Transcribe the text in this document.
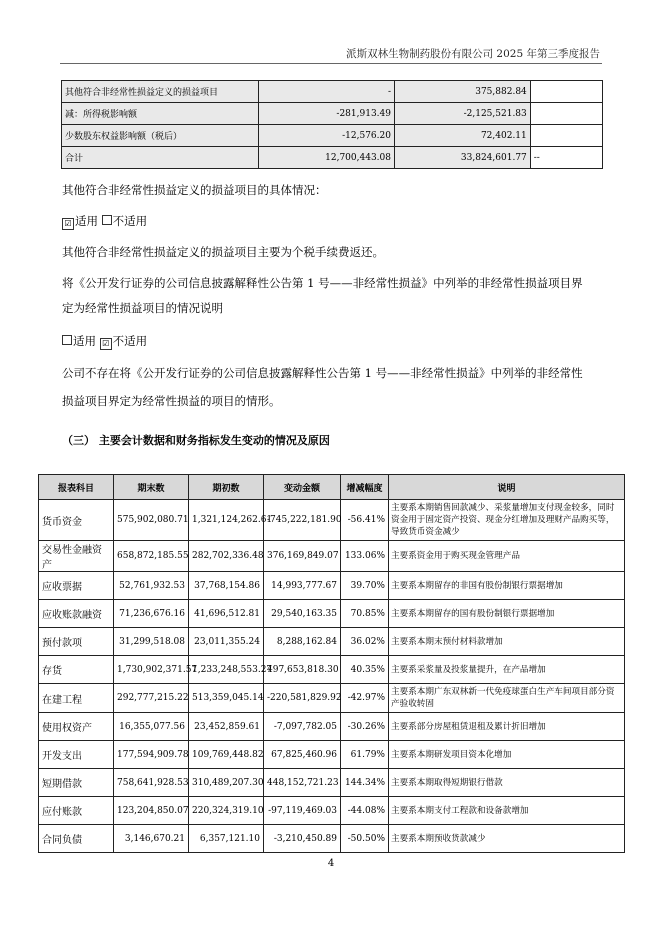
派斯双林生物制药股份有限公司 2025 年第三季度报告
其他符合非经常性损益定义的损益项目	-	375,882.84	
减：所得税影响额	-281,913.49	-2,125,521.83	
少数股东权益影响额（税后）	-12,576.20	72,402.11	
合计	12,700,443.08	33,824,601.77	--
其他符合非经常性损益定义的损益项目的具体情况：
☑ 适用 不适用
其他符合非经常性损益定义的损益项目主要为个税手续费返还。
将《公开发行证券的公司信息披露解释性公告第 1 号——非经常性损益》中列举的非经常性损益项目界
定为经常性损益项目的情况说明
适用 ☑ 不适用
公司不存在将《公开发行证券的公司信息披露解释性公告第 1 号——非经常性损益》中列举的非经常性
损益项目界定为经常性损益的项目的情形。
（三） 主要会计数据和财务指标发生变动的情况及原因
报表科目	期末数	期初数	变动金额	增减幅度	说明
货币资金	575,902,080.71	1,321,124,262.61	-745,222,181.90	-56.41%	主要系本期销售回款减少、采浆量增加支付现金较多，同时资金用于固定资产投资、现金分红增加及理财产品购买等，导致货币资金减少
交易性金融资产	658,872,185.55	282,702,336.48	376,169,849.07	133.06%	主要系资金用于购买现金管理产品
应收票据	52,761,932.53	37,768,154.86	14,993,777.67	39.70%	主要系本期留存的非国有股份制银行票据增加
应收账款融资	71,236,676.16	41,696,512.81	29,540,163.35	70.85%	主要系本期留存的国有股份制银行票据增加
预付款项	31,299,518.08	23,011,355.24	8,288,162.84	36.02%	主要系本期末预付材料款增加
存货	1,730,902,371.57	1,233,248,553.27	497,653,818.30	40.35%	主要系采浆量及投浆量提升，在产品增加
在建工程	292,777,215.22	513,359,045.14	-220,581,829.92	-42.97%	主要系本期广东双林新一代免疫球蛋白生产车间项目部分资产验收转固
使用权资产	16,355,077.56	23,452,859.61	-7,097,782.05	-30.26%	主要系部分房屋租赁退租及累计折旧增加
开发支出	177,594,909.78	109,769,448.82	67,825,460.96	61.79%	主要系本期研发项目资本化增加
短期借款	758,641,928.53	310,489,207.30	448,152,721.23	144.34%	主要系本期取得短期银行借款
应付账款	123,204,850.07	220,324,319.10	-97,119,469.03	-44.08%	主要系本期支付工程款和设备款增加
合同负债	3,146,670.21	6,357,121.10	-3,210,450.89	-50.50%	主要系本期预收货款减少
4
